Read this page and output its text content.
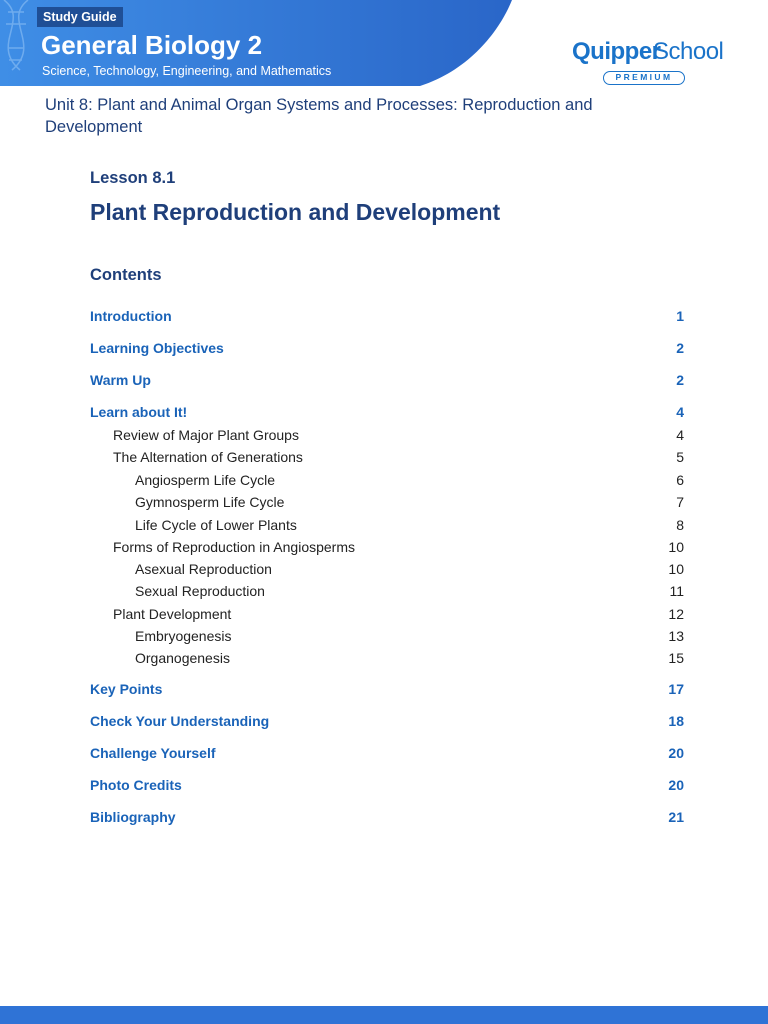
Study Guide
General Biology 2
Science, Technology, Engineering, and Mathematics
Quipper
School
PREMIUM
Unit 8: Plant and Animal Organ Systems and Processes: Reproduction and Development
Lesson 8.1
Plant Reproduction and Development
Contents
Introduction	1
Learning Objectives	2
Warm Up	2
Learn about It!	4
Review of Major Plant Groups	4
The Alternation of Generations	5
Angiosperm Life Cycle	6
Gymnosperm Life Cycle	7
Life Cycle of Lower Plants	8
Forms of Reproduction in Angiosperms	10
Asexual Reproduction	10
Sexual Reproduction	11
Plant Development	12
Embryogenesis	13
Organogenesis	15
Key Points	17
Check Your Understanding	18
Challenge Yourself	20
Photo Credits	20
Bibliography	21
